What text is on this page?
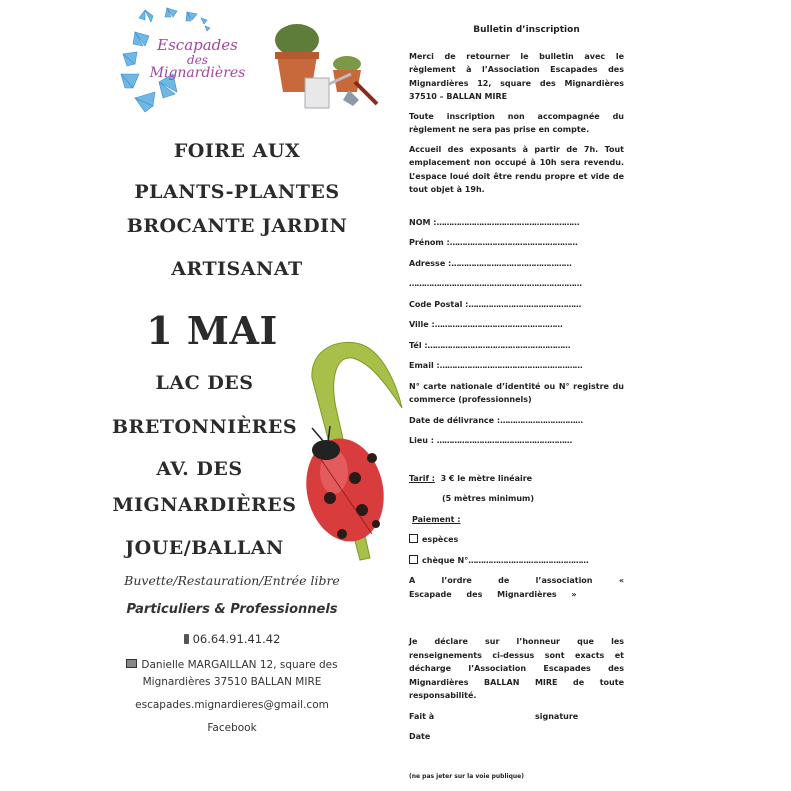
Escapades
des
Mignardières
FOIRE AUX
PLANTS-PLANTES
BROCANTE JARDIN
ARTISANAT
1 MAI
LAC DES
BRETONNIÈRES
AV. DES
MIGNARDIÈRES
JOUE/BALLAN
Buvette/Restauration/Entrée libre
Particuliers & Professionnels
06.64.91.41.42
Danielle MARGAILLAN 12, square des
Mignardières 37510 BALLAN MIRE
escapades.mignardieres@gmail.com
Facebook

Bulletin d’inscription

Merci de retourner le bulletin avec le règlement à l’Association Escapades des Mignardières 12, square des Mignardières 37510 – BALLAN MIRE

Toute inscription non accompagnée du règlement ne sera pas prise en compte.

Accueil des exposants à partir de 7h. Tout emplacement non occupé à 10h sera revendu. L’espace loué doit être rendu propre et vide de tout objet à 19h.

NOM :…………………………………………………

Prénom :……………………………………………

Adresse :…………………………………………

……………………………………………………………

Code Postal :………………………………………

Ville :……………………………………………

Tél :…………………………………………………

Email :…………………………………………………

N° carte nationale d’identité ou N° registre du commerce (professionnels)

Date de délivrance :……………………………

Lieu : ………………………………………………

Tarif : 3 € le mètre linéaire

(5 mètres minimum)

Paiement :

espèces

chèque N°…………………………………………

A l’ordre de l’association « Escapade des Mignardières »

Je déclare sur l’honneur que les renseignements ci-dessus sont exacts et décharge l’Association Escapades des Mignardières BALLAN MIRE de toute responsabilité.

Fait à	signature

Date

(ne pas jeter sur la voie publique)
